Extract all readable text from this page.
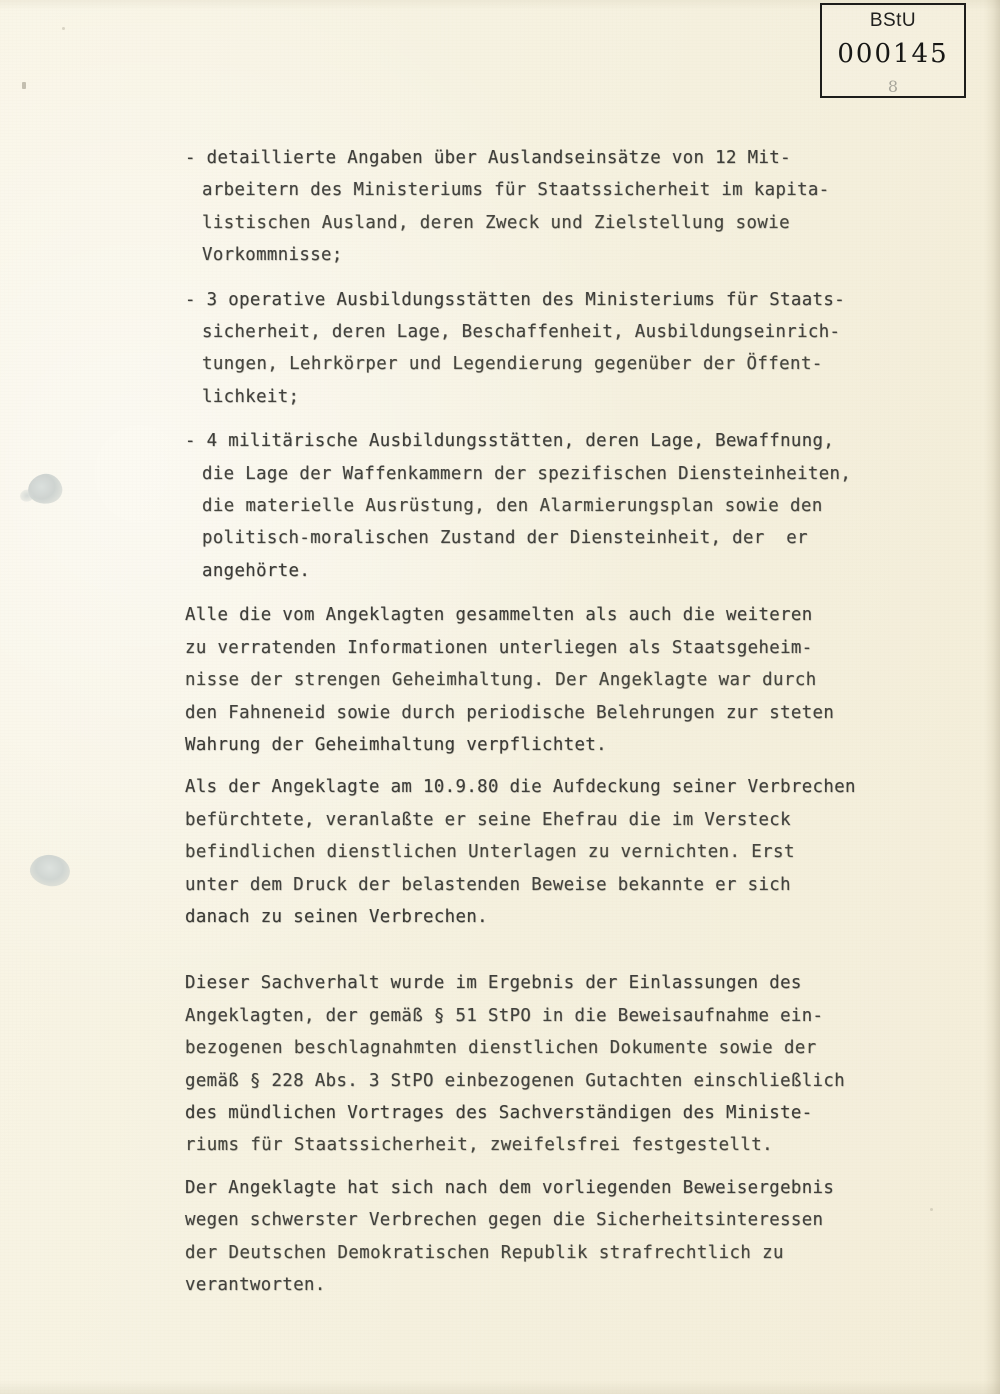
BStU
000145
8
- detaillierte Angaben über Auslandseinsätze von 12 Mit-
arbeitern des Ministeriums für Staatssicherheit im kapita-
listischen Ausland, deren Zweck und Zielstellung sowie
Vorkommnisse;
- 3 operative Ausbildungsstätten des Ministeriums für Staats-
sicherheit, deren Lage, Beschaffenheit, Ausbildungseinrich-
tungen, Lehrkörper und Legendierung gegenüber der Öffent-
lichkeit;
- 4 militärische Ausbildungsstätten, deren Lage, Bewaffnung,
die Lage der Waffenkammern der spezifischen Diensteinheiten,
die materielle Ausrüstung, den Alarmierungsplan sowie den
politisch-moralischen Zustand der Diensteinheit, der  er
angehörte.
Alle die vom Angeklagten gesammelten als auch die weiteren
zu verratenden Informationen unterliegen als Staatsgeheim-
nisse der strengen Geheimhaltung. Der Angeklagte war durch
den Fahneneid sowie durch periodische Belehrungen zur steten
Wahrung der Geheimhaltung verpflichtet.
Als der Angeklagte am 10.9.80 die Aufdeckung seiner Verbrechen
befürchtete, veranlaßte er seine Ehefrau die im Versteck
befindlichen dienstlichen Unterlagen zu vernichten. Erst
unter dem Druck der belastenden Beweise bekannte er sich
danach zu seinen Verbrechen.
Dieser Sachverhalt wurde im Ergebnis der Einlassungen des
Angeklagten, der gemäß § 51 StPO in die Beweisaufnahme ein-
bezogenen beschlagnahmten dienstlichen Dokumente sowie der
gemäß § 228 Abs. 3 StPO einbezogenen Gutachten einschließlich
des mündlichen Vortrages des Sachverständigen des Ministe-
riums für Staatssicherheit, zweifelsfrei festgestellt.
Der Angeklagte hat sich nach dem vorliegenden Beweisergebnis
wegen schwerster Verbrechen gegen die Sicherheitsinteressen
der Deutschen Demokratischen Republik strafrechtlich zu
verantworten.
